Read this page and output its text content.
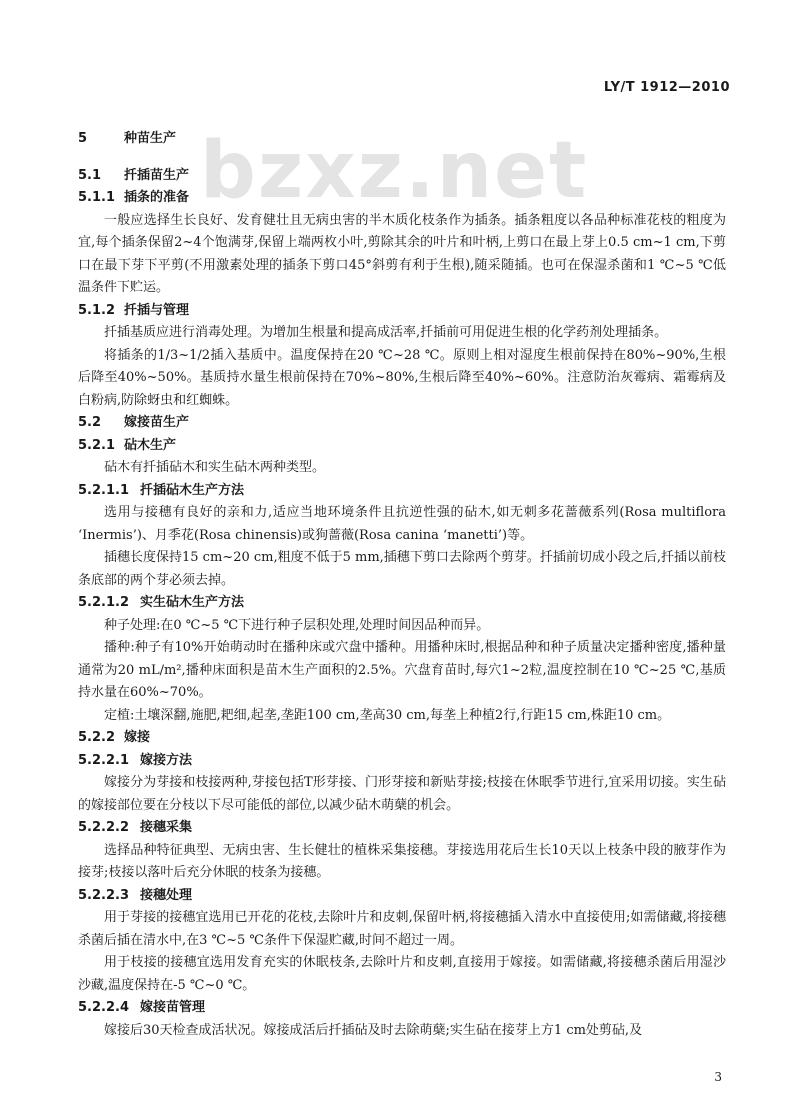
LY/T 1912—2010
bzxz.net
5	种苗生产
5.1 扦插苗生产
5.1.1 插条的准备
一般应选择生长良好、发育健壮且无病虫害的半木质化枝条作为插条。插条粗度以各品种标准花枝的粗度为宜,每个插条保留2~4个饱满芽,保留上端两枚小叶,剪除其余的叶片和叶柄,上剪口在最上芽上0.5 cm~1 cm,下剪口在最下芽下平剪(不用激素处理的插条下剪口45°斜剪有利于生根),随采随插。也可在保湿杀菌和1 ℃~5 ℃低温条件下贮运。
5.1.2 扦插与管理
扦插基质应进行消毒处理。为增加生根量和提高成活率,扦插前可用促进生根的化学药剂处理插条。
将插条的1/3~1/2插入基质中。温度保持在20 ℃~28 ℃。原则上相对湿度生根前保持在80%~90%,生根后降至40%~50%。基质持水量生根前保持在70%~80%,生根后降至40%~60%。注意防治灰霉病、霜霉病及白粉病,防除蚜虫和红蜘蛛。
5.2 嫁接苗生产
5.2.1 砧木生产
砧木有扦插砧木和实生砧木两种类型。
5.2.1.1 扦插砧木生产方法
选用与接穗有良好的亲和力,适应当地环境条件且抗逆性强的砧木,如无刺多花蔷薇系列(Rosa multiflora ‘Inermis’)、月季花(Rosa chinensis)或狗蔷薇(Rosa canina ‘manetti’)等。
插穗长度保持15 cm~20 cm,粗度不低于5 mm,插穗下剪口去除两个剪芽。扦插前切成小段之后,扦插以前枝条底部的两个芽必须去掉。
5.2.1.2 实生砧木生产方法
种子处理:在0 ℃~5 ℃下进行种子层积处理,处理时间因品种而异。
播种:种子有10%开始萌动时在播种床或穴盘中播种。用播种床时,根据品种和种子质量决定播种密度,播种量通常为20 mL/m²,播种床面积是苗木生产面积的2.5%。穴盘育苗时,每穴1~2粒,温度控制在10 ℃~25 ℃,基质持水量在60%~70%。
定植:土壤深翻,施肥,耙细,起垄,垄距100 cm,垄高30 cm,每垄上种植2行,行距15 cm,株距10 cm。
5.2.2 嫁接
5.2.2.1 嫁接方法
嫁接分为芽接和枝接两种,芽接包括T形芽接、门形芽接和新贴芽接;枝接在休眠季节进行,宜采用切接。实生砧的嫁接部位要在分枝以下尽可能低的部位,以减少砧木萌蘖的机会。
5.2.2.2 接穗采集
选择品种特征典型、无病虫害、生长健壮的植株采集接穗。芽接选用花后生长10天以上枝条中段的腋芽作为接芽;枝接以落叶后充分休眠的枝条为接穗。
5.2.2.3 接穗处理
用于芽接的接穗宜选用已开花的花枝,去除叶片和皮刺,保留叶柄,将接穗插入清水中直接使用;如需储藏,将接穗杀菌后插在清水中,在3 ℃~5 ℃条件下保湿贮藏,时间不超过一周。
用于枝接的接穗宜选用发育充实的休眠枝条,去除叶片和皮刺,直接用于嫁接。如需储藏,将接穗杀菌后用湿沙沙藏,温度保持在-5 ℃~0 ℃。
5.2.2.4 嫁接苗管理
嫁接后30天检查成活状况。嫁接成活后扦插砧及时去除萌蘖;实生砧在接芽上方1 cm处剪砧,及
3
